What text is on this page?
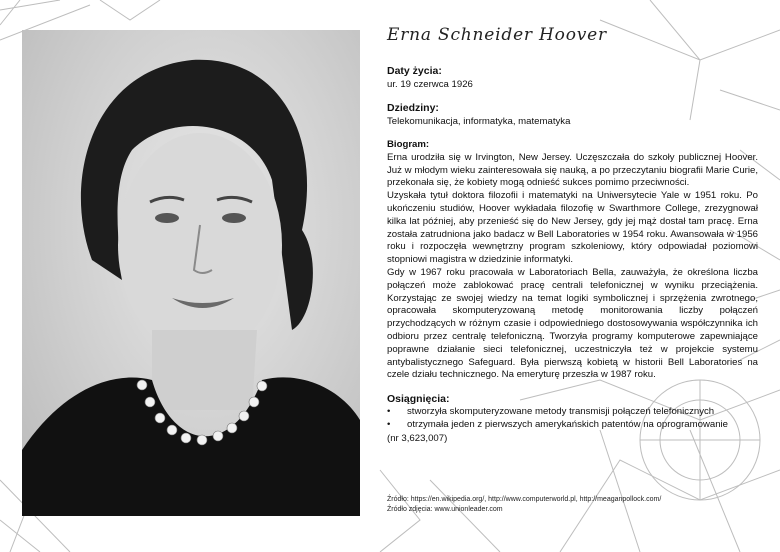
Erna Schneider Hoover

Daty życia:

ur. 19 czerwca 1926

Dziedziny:

Telekomunikacja, informatyka, matematyka

Biogram:

Erna urodziła się w Irvington, New Jersey. Uczęszczała do szkoły publicznej Hoover. Już w młodym wieku zainteresowała się nauką, a po przeczytaniu biografii Marie Curie, przekonała się, że kobiety mogą odnieść sukces pomimo przeciwności.

Uzyskała tytuł doktora filozofii i matematyki na Uniwersytecie Yale w 1951 roku. Po ukończeniu studiów, Hoover wykładała filozofię w Swarthmore College, zrezygnował kilka lat później, aby przenieść się do New Jersey, gdy jej mąż dostał tam pracę. Erna została zatrudniona jako badacz w Bell Laboratories w 1954 roku. Awansowała w 1956 roku i rozpoczęła wewnętrzny program szkoleniowy, który odpowiadał poziomowi stopniowi magistra w dziedzinie informatyki.

Gdy w 1967 roku pracowała w Laboratoriach Bella, zauważyła, że określona liczba połączeń może zablokować pracę centrali telefonicznej w wyniku przeciążenia. Korzystając ze swojej wiedzy na temat logiki symbolicznej i sprzężenia zwrotnego, opracowała skomputeryzowaną metodę monitorowania liczby połączeń przychodzących w różnym czasie i odpowiedniego dostosowywania współczynnika ich odbioru przez centralę telefoniczną. Tworzyła programy komputerowe zapewniające poprawne działanie sieci telefonicznej, uczestniczyła też w projekcie systemu antybalistycznego Safeguard. Była pierwszą kobietą w historii Bell Laboratories na czele działu technicznego. Na emeryturę przeszła w 1987 roku.

Osiągnięcia:

• stworzyła skomputeryzowane metody transmisji połączeń telefonicznych
• otrzymała jeden z pierwszych amerykańskich patentów na oprogramowanie

(nr 3,623,007)

Źródło: https://en.wikipedia.org/, http://www.computerworld.pl, http://meaganpollock.com/
Źródło zdjęcia: www.unionleader.com
